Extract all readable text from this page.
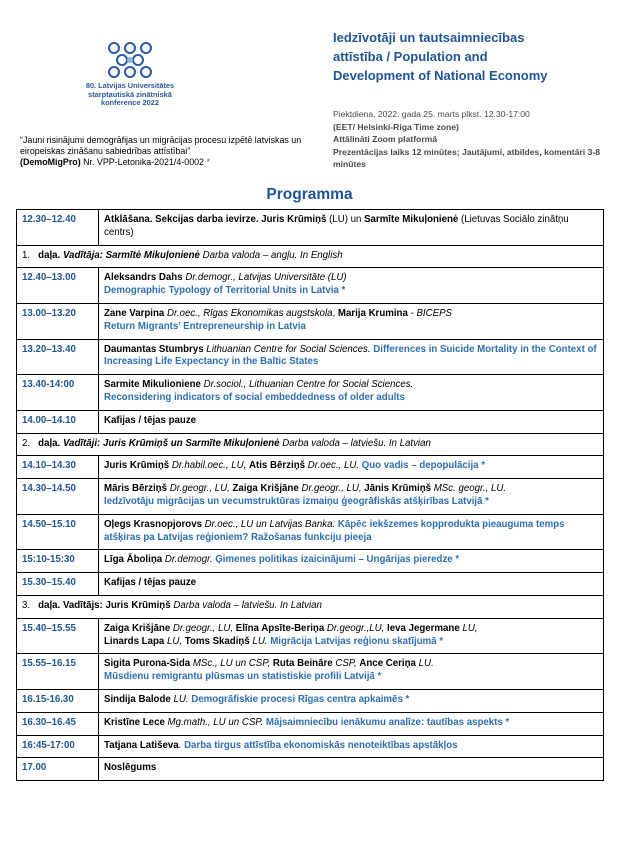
80. Latvijas Universitātes
starptautiskā zinātniskā
konference 2022
“Jauni risinājumi demogrāfijas un migrācijas procesu izpētē latviskas un eiropeiskas zināšanu sabiedrības attīstībai”
(DemoMigPro) Nr. VPP-Letonika-2021/4-0002 *
Iedzīvotāji un tautsaimniecības
attīstība / Population and
Development of National Economy
Piektdiena, 2022. gada 25. marts plkst. 12.30-17:00
(EET/ Helsinki-Riga Time zone)
Attālināti Zoom platformā
Prezentācijas laiks 12 minūtes; Jautājumi, atbildes, komentāri 3-8 minūtes
Programma
12.30–12.40	Atklāšana. Sekcijas darba ievirze. Juris Krūmiņš (LU) un Sarmīte Mikuļonienė (Lietuvas Sociālo zinātņu centrs)
1. daļa. Vadītāja: Sarmītė Mikuļonienė Darba valoda – angļu. In English	
12.40–13.00	Aleksandrs Dahs Dr.demogr., Latvijas Universitāte (LU)
Demographic Typology of Territorial Units in Latvia *
13.00–13.20	Zane Varpina Dr.oec., Rīgas Ekonomikas augstskola, Marija Krumina - BICEPS
Return Migrants’ Entrepreneurship in Latvia
13.20–13.40	Daumantas Stumbrys Lithuanian Centre for Social Sciences. Differences in Suicide Mortality in the Context of Increasing Life Expectancy in the Baltic States
13.40-14:00	Sarmite Mikulioniene Dr.sociol., Lithuanian Centre for Social Sciences.
Reconsidering indicators of social embeddedness of older adults
14.00–14.10	Kafijas / tējas pauze
2. daļa. Vadītāji: Juris Krūmiņš un Sarmīte Mikuļonienė Darba valoda – latviešu. In Latvian	
14.10–14.30	Juris Krūmiņš Dr.habil.oec., LU, Atis Bērziņš Dr.oec., LU. Quo vadis – depopulācija *
14.30–14.50	Māris Bērziņš Dr.geogr., LU, Zaiga Krišjāne Dr.geogr., LU, Jānis Krūmiņš MSc. geogr., LU.
Iedzīvotāju migrācijas un vecumstruktūras izmaiņu ģeogrāfiskās atšķirības Latvijā *
14.50–15.10	Oļegs Krasnopjorovs Dr.oec., LU un Latvijas Banka. Kāpēc iekšzemes kopprodukta pieauguma temps atšķiras pa Latvijas reģioniem? Ražošanas funkciju pieeja
15:10-15:30	Līga Āboliņa Dr.demogr. Ģimenes politikas izaicinājumi – Ungārijas pieredze *
15.30–15.40	Kafijas / tējas pauze
3. daļa. Vadītājs: Juris Krūmiņš Darba valoda – latviešu. In Latvian	
15.40–15.55	Zaiga Krišjāne Dr.geogr., LU, Elīna Apsīte-Beriņa Dr.geogr.,LU, Ieva Jegermane LU,
Linards Lapa LU, Toms Skadiņš LU. Migrācija Latvijas reģionu skatījumā *
15.55–16.15	Sigita Purona-Sida MSc., LU un CSP, Ruta Beināre CSP, Ance Ceriņa LU.
Mūsdienu remigrantu plūsmas un statistiskie profili Latvijā *
16.15-16.30	Sindija Balode LU. Demogrāfiskie procesi Rīgas centra apkaimēs *
16.30–16.45	Kristīne Lece Mg.math., LU un CSP. Mājsaimniecību ienākumu analīze: tautības aspekts *
16:45-17:00	Tatjana Latiševa. Darba tirgus attīstība ekonomiskās nenoteiktības apstākļos
17.00	Noslēgums
